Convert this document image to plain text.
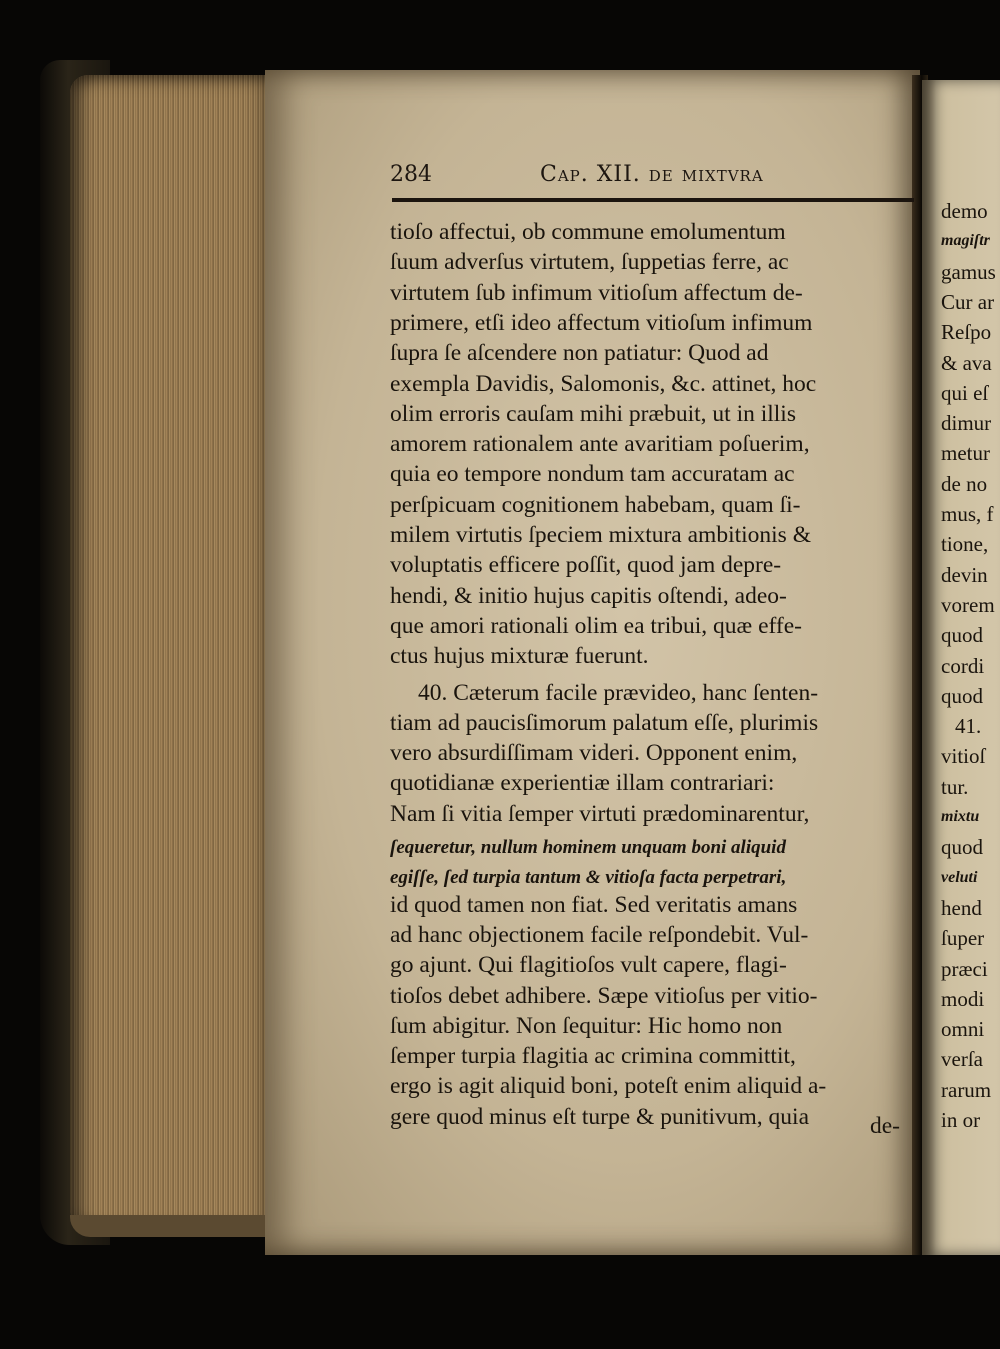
284	Cap. XII. de mixtvra
tioſo affectui, ob commune emolumentum
ſuum adverſus virtutem, ſuppetias ferre, ac
virtutem ſub infimum vitioſum affectum de-
primere, etſi ideo affectum vitioſum infimum
ſupra ſe aſcendere non patiatur: Quod ad
exempla Davidis, Salomonis, &c. attinet, hoc
olim erroris cauſam mihi præbuit, ut in illis
amorem rationalem ante avaritiam poſuerim,
quia eo tempore nondum tam accuratam ac
perſpicuam cognitionem habebam, quam ſi-
milem virtutis ſpeciem mixtura ambitionis &
voluptatis efficere poſſit, quod jam depre-
hendi, & initio hujus capitis oſtendi, adeo-
que amori rationali olim ea tribui, quæ effe-
ctus hujus mixturæ fuerunt.
40. Cæterum facile prævideo, hanc ſenten-
tiam ad paucisſimorum palatum eſſe, plurimis
vero absurdiſſimam videri. Opponent enim,
quotidianæ experientiæ illam contrariari:
Nam ſi vitia ſemper virtuti prædominarentur,
ſequeretur, nullum hominem unquam boni aliquid
egiſſe, ſed turpia tantum & vitioſa facta perpetrari,
id quod tamen non fiat. Sed veritatis amans
ad hanc objectionem facile reſpondebit. Vul-
go ajunt. Qui flagitioſos vult capere, flagi-
tioſos debet adhibere. Sæpe vitioſus per vitio-
ſum abigitur. Non ſequitur: Hic homo non
ſemper turpia flagitia ac crimina committit,
ergo is agit aliquid boni, poteſt enim aliquid a-
gere quod minus eſt turpe & punitivum, quia
demo
magiſtr
gamus
Cur ar
Reſpo
& ava
qui eſ
dimur
metur
de no
mus, f
tione,
devin
vorem
quod
cordi
quod
41.
vitioſ
tur.
mixtu
quod
veluti
hend
ſuper
præci
modi
omni
verſa
rarum
in or
de-
